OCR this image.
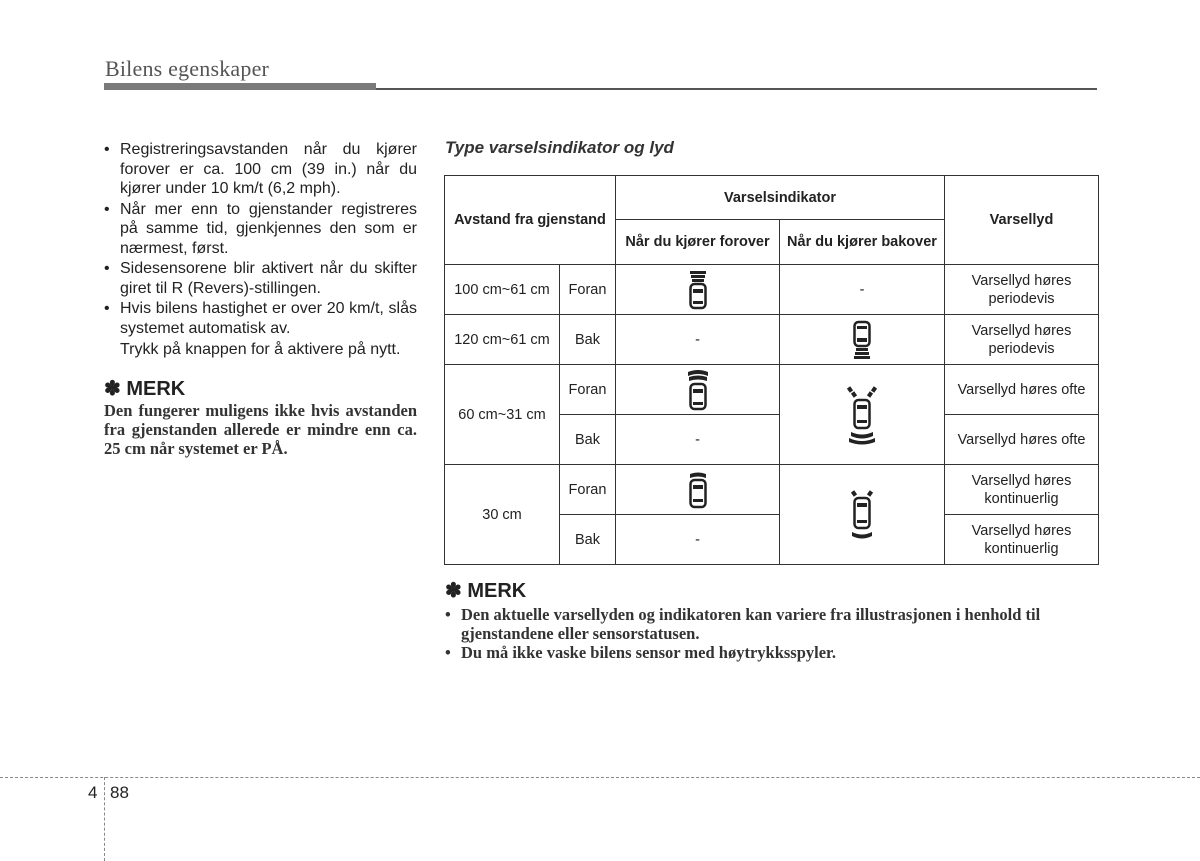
Bilens egenskaper
• Registreringsavstanden når du kjører forover er ca. 100 cm (39 in.) når du kjører under 10 km/t (6,2 mph).
• Når mer enn to gjenstander registreres på samme tid, gjenkjennes den som er nærmest, først.
• Sidesensorene blir aktivert når du skifter giret til R (Revers)-stillingen.
• Hvis bilens hastighet er over 20 km/t, slås systemet automatisk av.
Trykk på knappen for å aktivere på nytt.
✽ MERK
Den fungerer muligens ikke hvis avstanden fra gjenstanden allerede er mindre enn ca. 25 cm når systemet er PÅ.
Type varselsindikator og lyd
Avstand fra gjenstand		Varselsindikator		Varsellyd
		Når du kjører forover	Når du kjører bakover	
100 cm~61 cm	Foran		-	Varsellyd høres periodevis
120 cm~61 cm	Bak	-		Varsellyd høres periodevis
60 cm~31 cm	Foran			Varsellyd høres ofte
	Bak	-		Varsellyd høres ofte
30 cm	Foran			Varsellyd høres kontinuerlig
	Bak	-		Varsellyd høres kontinuerlig
✽ MERK
• Den aktuelle varsellyden og indikatoren kan variere fra illustrasjonen i henhold til gjenstandene eller sensorstatusen.
• Du må ikke vaske bilens sensor med høytrykksspyler.
4 88
